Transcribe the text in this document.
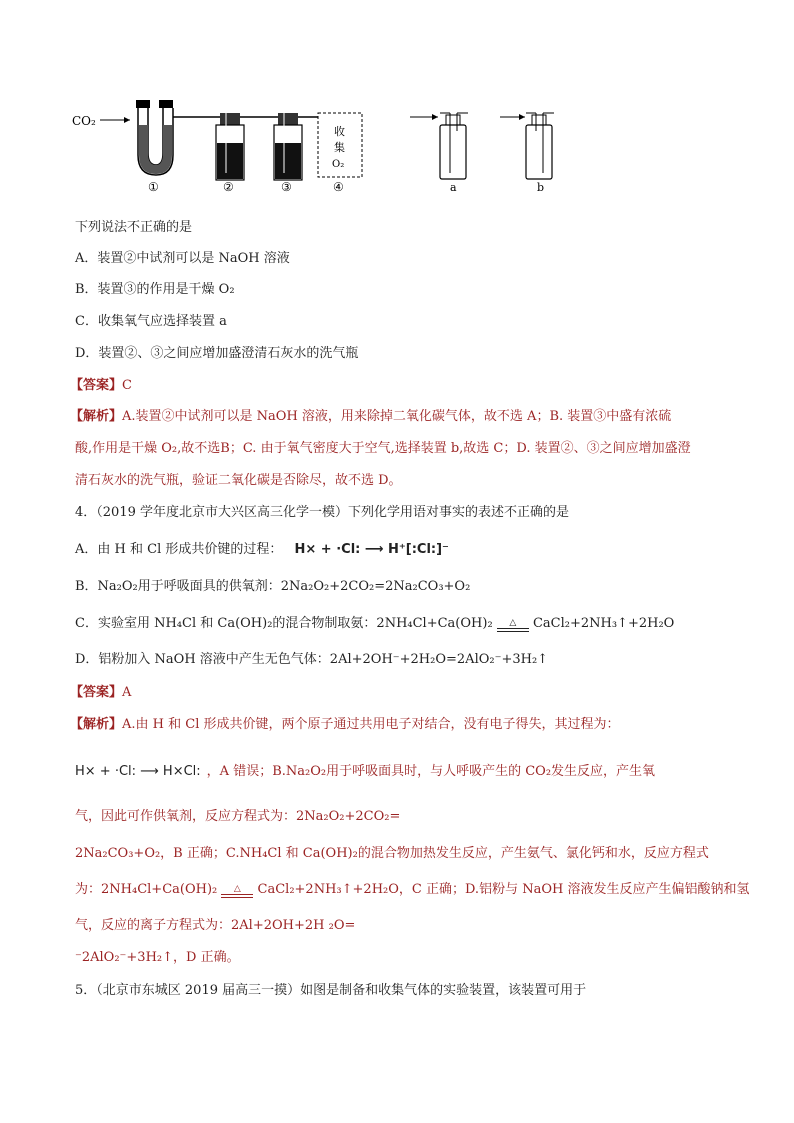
CO₂
收
集
O₂
①	②	③	④	a	b
下列说法不正确的是
A．装置②中试剂可以是 NaOH 溶液
B．装置③的作用是干燥 O₂
C．收集氧气应选择装置 a
D．装置②、③之间应增加盛澄清石灰水的洗气瓶
【答案】C
【解析】A.装置②中试剂可以是 NaOH 溶液，用来除掉二氧化碳气体，故不选 A；B. 装置③中盛有浓硫
酸,作用是干燥 O₂,故不选B；C. 由于氧气密度大于空气,选择装置 b,故选 C；D. 装置②、③之间应增加盛澄
清石灰水的洗气瓶，验证二氧化碳是否除尽，故不选 D。
4．（2019 学年度北京市大兴区高三化学一模）下列化学用语对事实的表述不正确的是
A．由 H 和 Cl 形成共价键的过程： H× + ·Cl: ⟶ H⁺[:Cl:]⁻
B．Na₂O₂用于呼吸面具的供氧剂：2Na₂O₂+2CO₂=2Na₂CO₃+O₂
C．实验室用 NH₄Cl 和 Ca(OH)₂的混合物制取氨：2NH₄Cl+Ca(OH)₂	△	CaCl₂+2NH₃↑+2H₂O
D．铝粉加入 NaOH 溶液中产生无色气体：2Al+2OH⁻+2H₂O=2AlO₂⁻+3H₂↑
【答案】A
【解析】A.由 H 和 Cl 形成共价键，两个原子通过共用电子对结合，没有电子得失，其过程为：
H× + ·Cl: ⟶ H×Cl: ，A 错误；B.Na₂O₂用于呼吸面具时，与人呼吸产生的 CO₂发生反应，产生氧
气，因此可作供氧剂，反应方程式为：2Na₂O₂+2CO₂=
2Na₂CO₃+O₂，B 正确；C.NH₄Cl 和 Ca(OH)₂的混合物加热发生反应，产生氨气、氯化钙和水，反应方程式
为：2NH₄Cl+Ca(OH)₂	△	CaCl₂+2NH₃↑+2H₂O，C 正确；D.铝粉与 NaOH 溶液发生反应产生偏铝酸钠和氢
气，反应的离子方程式为：2Al+2OH+2H ₂O=
⁻2AlO₂⁻+3H₂↑，D 正确。
5．（北京市东城区 2019 届高三一摸）如图是制备和收集气体的实验装置，该装置可用于
